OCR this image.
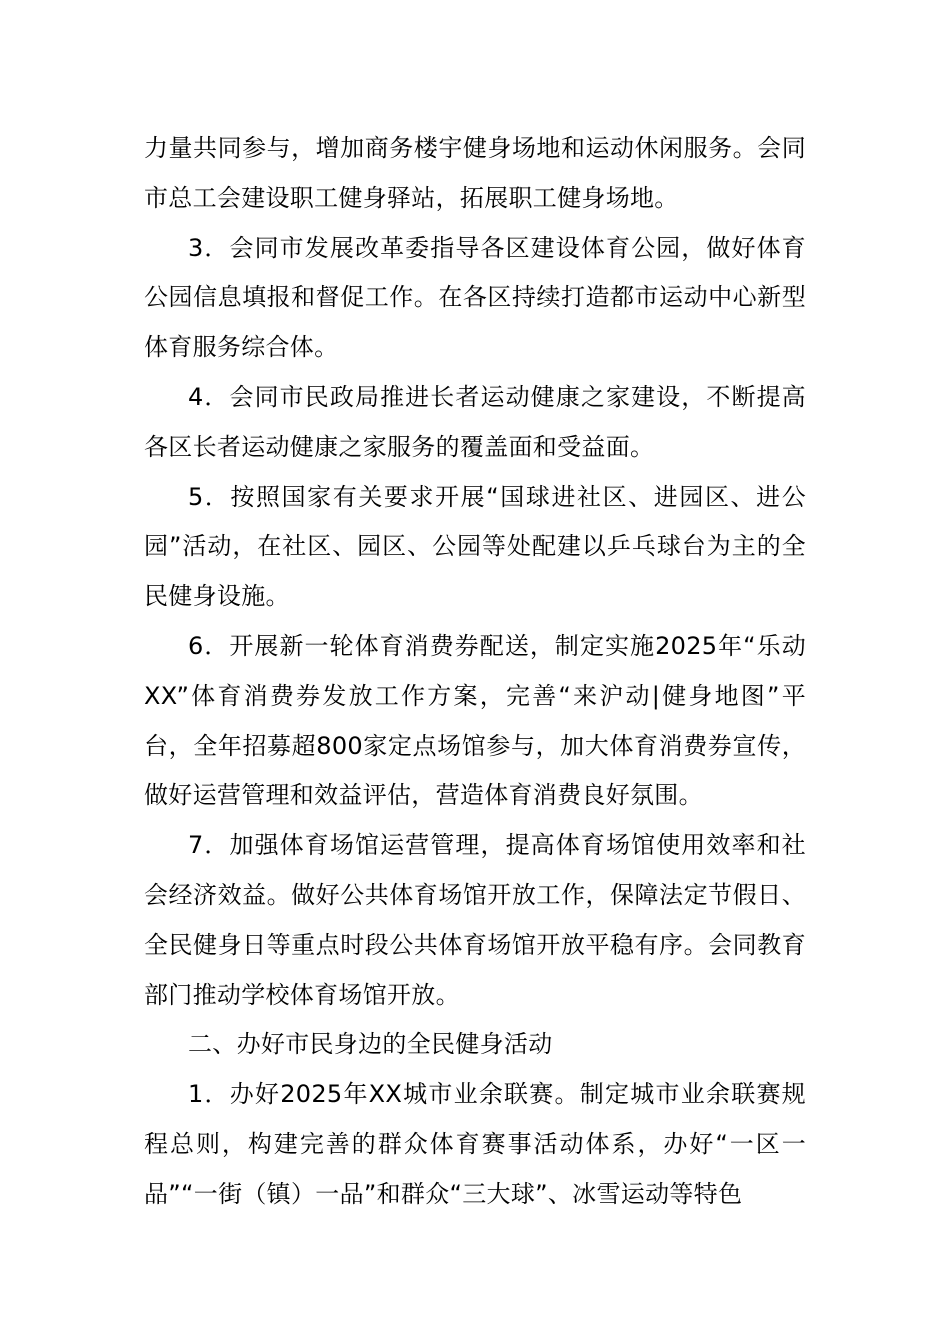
力量共同参与，增加商务楼宇健身场地和运动休闲服务。会同市总工会建设职工健身驿站，拓展职工健身场地。

3．会同市发展改革委指导各区建设体育公园，做好体育公园信息填报和督促工作。在各区持续打造都市运动中心新型体育服务综合体。

4．会同市民政局推进长者运动健康之家建设，不断提高各区长者运动健康之家服务的覆盖面和受益面。

5．按照国家有关要求开展“国球进社区、进园区、进公园”活动，在社区、园区、公园等处配建以乒乓球台为主的全民健身设施。

6．开展新一轮体育消费券配送，制定实施2025年“乐动XX”体育消费券发放工作方案，完善“来沪动|健身地图”平台，全年招募超800家定点场馆参与，加大体育消费券宣传，做好运营管理和效益评估，营造体育消费良好氛围。

7．加强体育场馆运营管理，提高体育场馆使用效率和社会经济效益。做好公共体育场馆开放工作，保障法定节假日、全民健身日等重点时段公共体育场馆开放平稳有序。会同教育部门推动学校体育场馆开放。

二、办好市民身边的全民健身活动

1．办好2025年XX城市业余联赛。制定城市业余联赛规程总则，构建完善的群众体育赛事活动体系，办好“一区一品”“一街（镇）一品”和群众“三大球”、冰雪运动等特色
